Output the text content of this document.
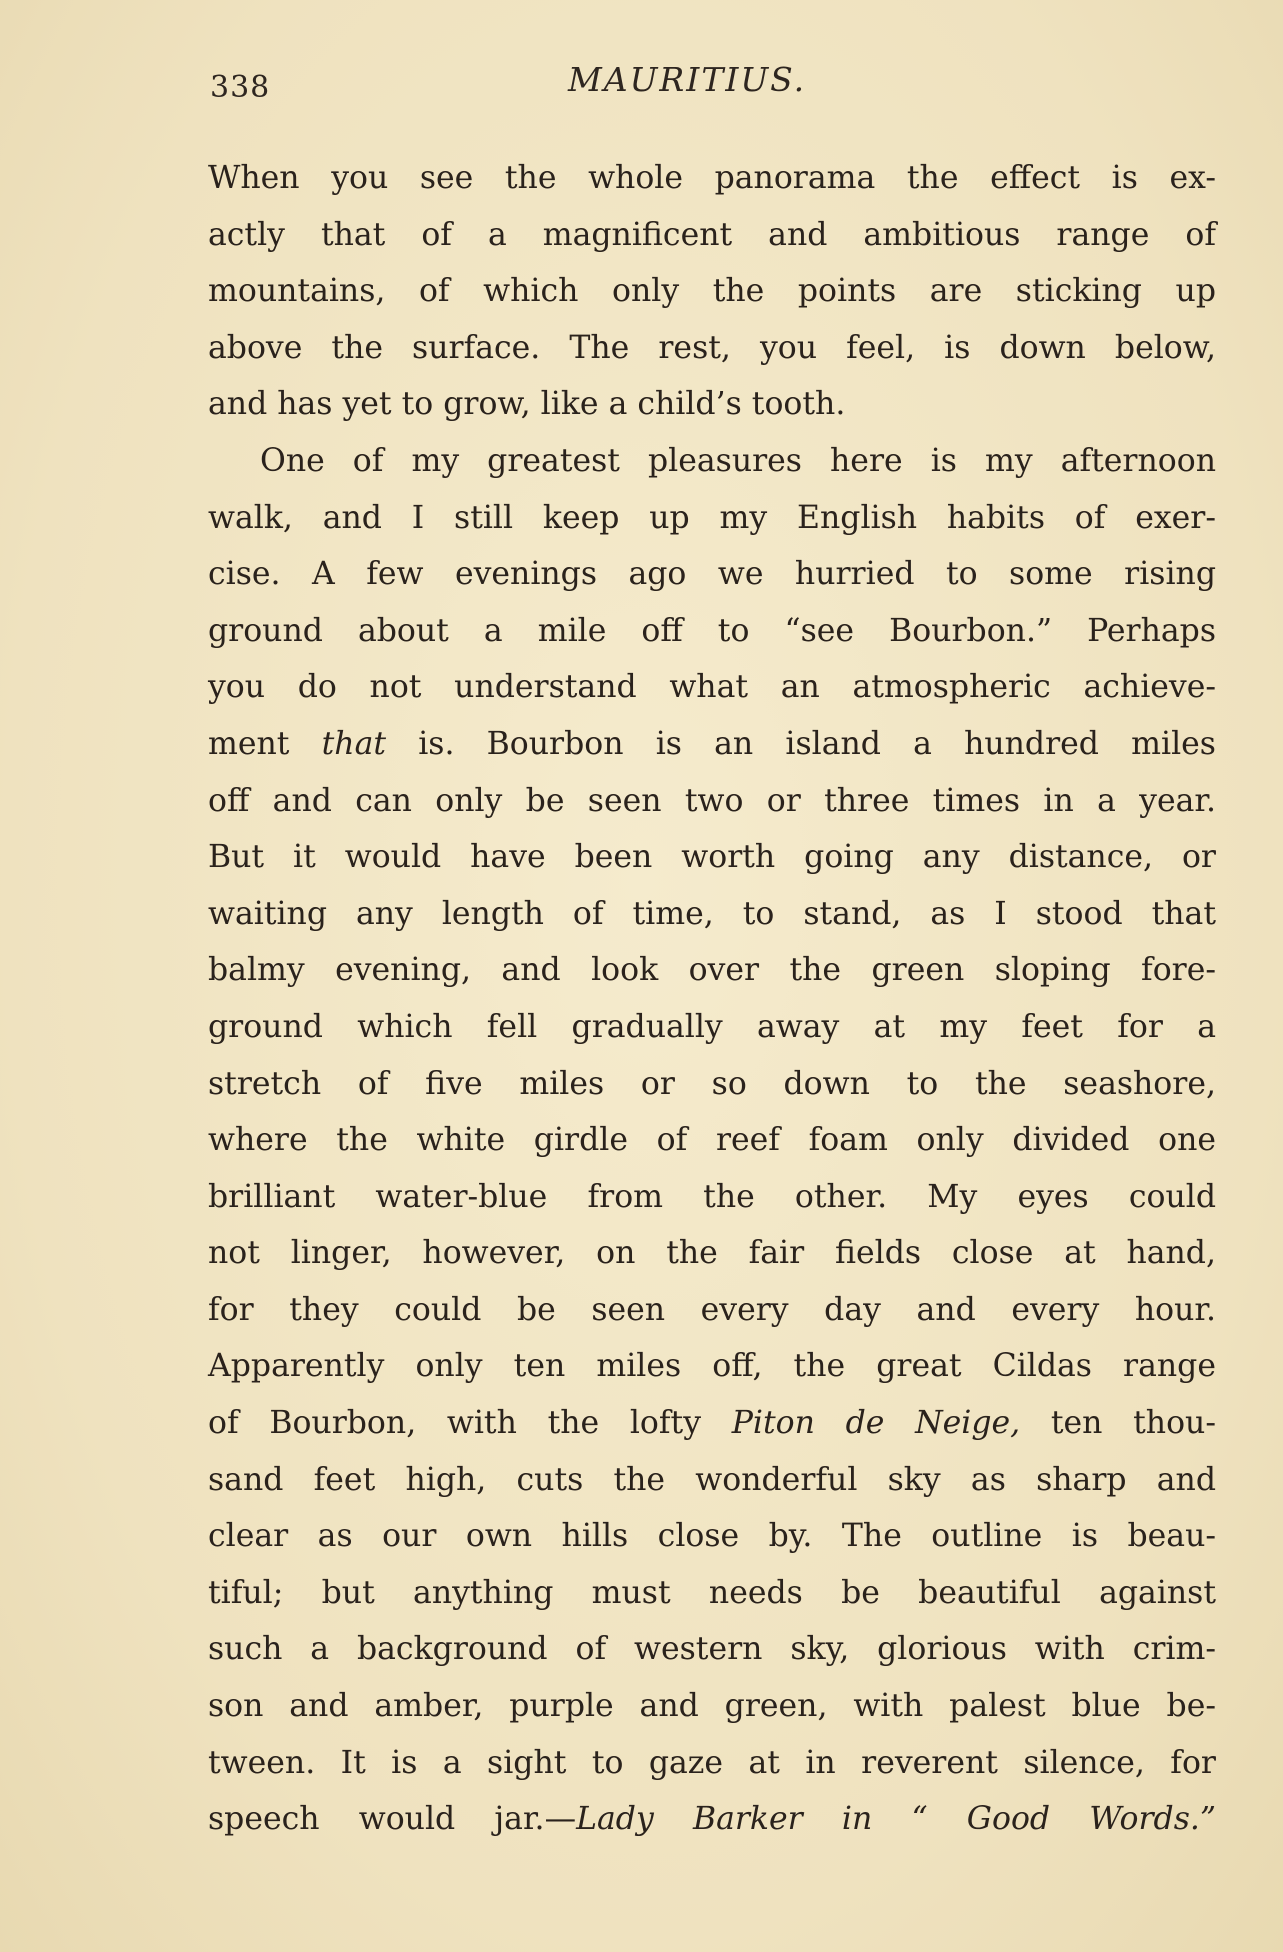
338	MAURITIUS.
When you see the whole panorama the effect is ex-
actly that of a magnificent and ambitious range of
mountains, of which only the points are sticking up
above the surface. The rest, you feel, is down below,
and has yet to grow, like a child’s tooth.
One of my greatest pleasures here is my afternoon
walk, and I still keep up my English habits of exer-
cise. A few evenings ago we hurried to some rising
ground about a mile off to “see Bourbon.” Perhaps
you do not understand what an atmospheric achieve-
ment that is. Bourbon is an island a hundred miles
off and can only be seen two or three times in a year.
But it would have been worth going any distance, or
waiting any length of time, to stand, as I stood that
balmy evening, and look over the green sloping fore-
ground which fell gradually away at my feet for a
stretch of five miles or so down to the seashore,
where the white girdle of reef foam only divided one
brilliant water-blue from the other. My eyes could
not linger, however, on the fair fields close at hand,
for they could be seen every day and every hour.
Apparently only ten miles off, the great Cildas range
of Bourbon, with the lofty Piton de Neige, ten thou-
sand feet high, cuts the wonderful sky as sharp and
clear as our own hills close by. The outline is beau-
tiful; but anything must needs be beautiful against
such a background of western sky, glorious with crim-
son and amber, purple and green, with palest blue be-
tween. It is a sight to gaze at in reverent silence, for
speech would jar.—Lady Barker in “ Good Words.”
